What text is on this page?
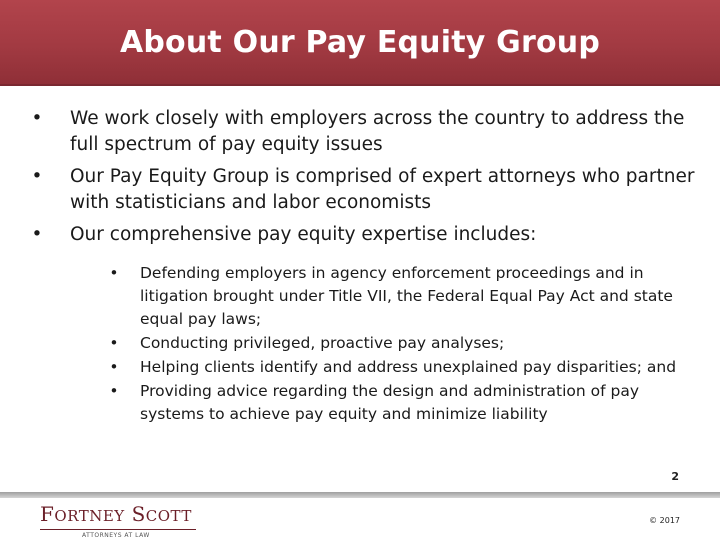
About Our Pay Equity Group
• We work closely with employers across the country to address the full spectrum of pay equity issues
• Our Pay Equity Group is comprised of expert attorneys who partner with statisticians and labor economists
• Our comprehensive pay equity expertise includes:
• Defending employers in agency enforcement proceedings and in litigation brought under Title VII, the Federal Equal Pay Act and state equal pay laws;
• Conducting privileged, proactive pay analyses;
• Helping clients identify and address unexplained pay disparities; and
• Providing advice regarding the design and administration of pay systems to achieve pay equity and minimize liability
2
FORTNEY SCOTT
ATTORNEYS AT LAW
© 2017
